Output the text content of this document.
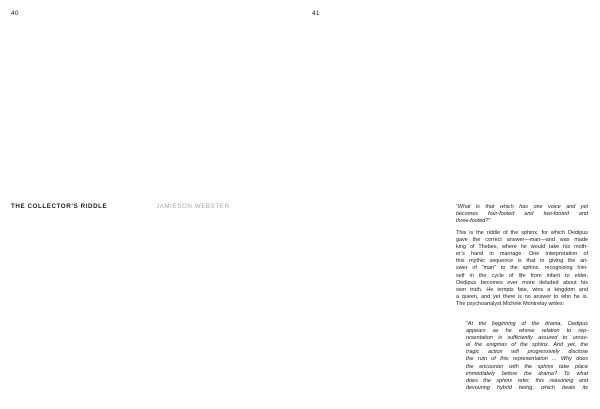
40	41
THE COLLECTOR’S RIDDLE	JAMIESON WEBSTER	“What is that which has one voice and yet
becomes four-footed and two-footed and
three-footed?”
This is the riddle of the sphinx, for which Oedipus
gave the correct answer—man—and was made
king of Thebes, where he would take his moth-
er’s hand in marriage. One interpretation of
this mythic sequence is that in giving the an-
swer of “man” to the sphinx, recognizing him-
self in the cycle of life from infant to elder,
Oedipus becomes ever more deluded about his
own truth. He tempts fate, wins a kingdom and
a queen, and yet there is no answer to who he is.
The psychoanalyst Michele Montrelay writes:
“At the beginning of the drama, Oedipus
appears as he whose relation to rep-
resentation is sufficiently assured to unrav-
el the enigmas of the sphinx. And yet, the
tragic action will progressively disclose
the ruin of this representation ... Why does
the encounter with the sphinx take place
immediately before the drama? To what
does the sphinx refer, this reasoning and
devouring hybrid being, which beats its
